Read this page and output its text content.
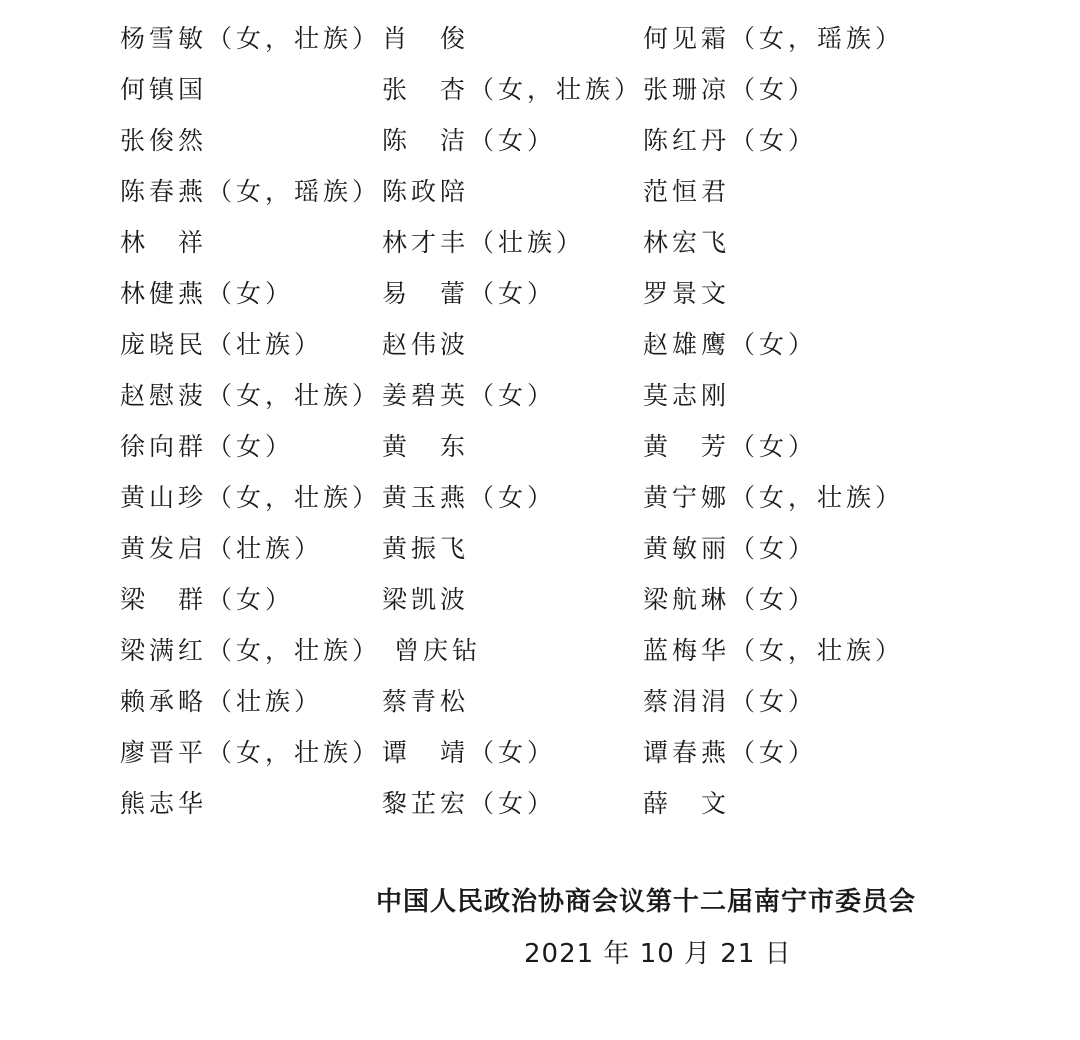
杨雪敏（女，壮族） 肖　俊	何见霜（女，瑶族）
何镇国	张　杏（女，壮族） 张珊凉（女）
张俊然	陈　洁（女）	陈红丹（女）
陈春燕（女，瑶族） 陈政陪	范恒君
林　祥	林才丰（壮族） 林宏飞
林健燕（女）	易　蕾（女）	罗景文
庞晓民（壮族） 赵伟波	赵雄鹰（女）
赵慰菠（女，壮族） 姜碧英（女）	莫志刚
徐向群（女）	黄　东	黄　芳（女）
黄山珍（女，壮族） 黄玉燕（女）	黄宁娜（女，壮族）
黄发启（壮族） 黄振飞	黄敏丽（女）
梁　群（女）	梁凯波	梁航琳（女）
梁满红（女，壮族） 曾庆钻	蓝梅华（女，壮族）
赖承略（壮族） 蔡青松	蔡涓涓（女）
廖晋平（女，壮族） 谭　靖（女）	谭春燕（女）
熊志华	黎芷宏（女）	薛　文
中国人民政治协商会议第十二届南宁市委员会
2021 年 10 月 21 日
